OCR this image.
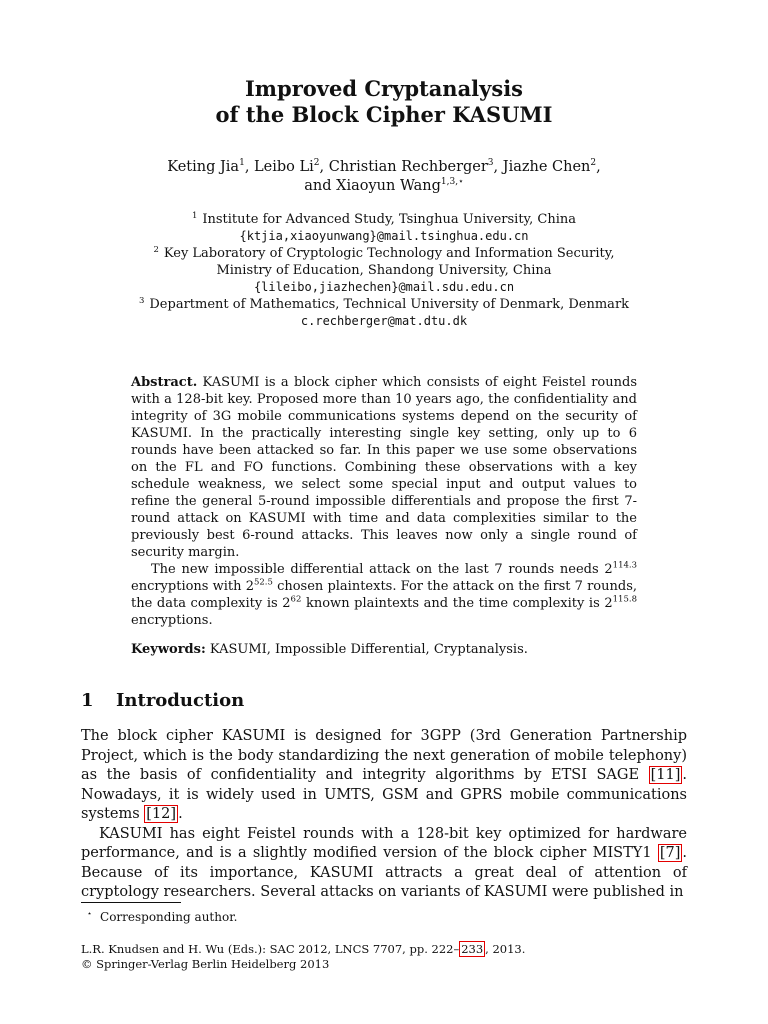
Improved Cryptanalysis
of the Block Cipher KASUMI
Keting Jia$^1$, Leibo Li$^2$, Christian Rechberger$^3$, Jiazhe Chen$^2$,
and Xiaoyun Wang$^{1,3,⋆}$
$^1$ Institute for Advanced Study, Tsinghua University, China
{ktjia,xiaoyunwang}@mail.tsinghua.edu.cn
$^2$ Key Laboratory of Cryptologic Technology and Information Security,
Ministry of Education, Shandong University, China
{lileibo,jiazhechen}@mail.sdu.edu.cn
$^3$ Department of Mathematics, Technical University of Denmark, Denmark
c.rechberger@mat.dtu.dk

Abstract. KASUMI is a block cipher which consists of eight Feistel rounds with a 128-bit key. Proposed more than 10 years ago, the confidentiality and integrity of 3G mobile communications systems depend on the security of KASUMI. In the practically interesting single key setting, only up to 6 rounds have been attacked so far. In this paper we use some observations on the FL and FO functions. Combining these observations with a key schedule weakness, we select some special input and output values to refine the general 5-round impossible differentials and propose the first 7-round attack on KASUMI with time and data complexities similar to the previously best 6-round attacks. This leaves now only a single round of security margin.

The new impossible differential attack on the last 7 rounds needs $2^{114.3}$ encryptions with $2^{52.5}$ chosen plaintexts. For the attack on the first 7 rounds, the data complexity is $2^{62}$ known plaintexts and the time complexity is $2^{115.8}$ encryptions.

Keywords: KASUMI, Impossible Differential, Cryptanalysis.

1 Introduction

The block cipher KASUMI is designed for 3GPP (3rd Generation Partnership Project, which is the body standardizing the next generation of mobile telephony) as the basis of confidentiality and integrity algorithms by ETSI SAGE [11] . Nowadays, it is widely used in UMTS, GSM and GPRS mobile communications systems [12] .

KASUMI has eight Feistel rounds with a 128-bit key optimized for hardware performance, and is a slightly modified version of the block cipher MISTY1 [7] . Because of its importance, KASUMI attracts a great deal of attention of cryptology researchers. Several attacks on variants of KASUMI were published in

⋆ Corresponding author.
L.R. Knudsen and H. Wu (Eds.): SAC 2012, LNCS 7707, pp. 222– 233 , 2013.
© Springer-Verlag Berlin Heidelberg 2013
